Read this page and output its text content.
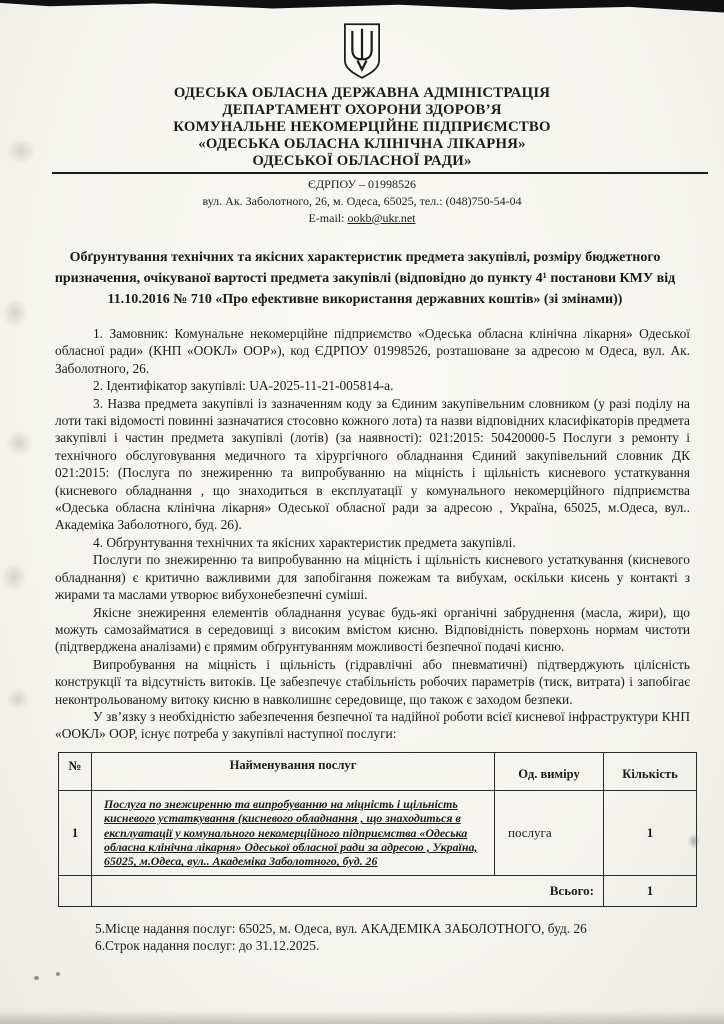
ОДЕСЬКА ОБЛАСНА ДЕРЖАВНА АДМІНІСТРАЦІЯ
ДЕПАРТАМЕНТ ОХОРОНИ ЗДОРОВ’Я
КОМУНАЛЬНЕ НЕКОМЕРЦІЙНЕ ПІДПРИЄМСТВО
«ОДЕСЬКА ОБЛАСНА КЛІНІЧНА ЛІКАРНЯ»
ОДЕСЬКОЇ ОБЛАСНОЇ РАДИ»
ЄДРПОУ – 01998526
вул. Ак. Заболотного, 26, м. Одеса, 65025, тел.: (048)750-54-04
E-mail: ookb@ukr.net
Обґрунтування технічних та якісних характеристик предмета закупівлі, розміру бюджетного призначення, очікуваної вартості предмета закупівлі (відповідно до пункту 4¹ постанови КМУ від 11.10.2016 № 710 «Про ефективне використання державних коштів» (зі змінами))

1. Замовник: Комунальне некомерційне підприємство «Одеська обласна клінічна лікарня» Одеської обласної ради» (КНП «ООКЛ» ООР»), код ЄДРПОУ 01998526, розташоване за адресою м Одеса, вул. Ак. Заболотного, 26.

2. Ідентифікатор закупівлі: UA-2025-11-21-005814-a.

3. Назва предмета закупівлі із зазначенням коду за Єдиним закупівельним словником (у разі поділу на лоти такі відомості повинні зазначатися стосовно кожного лота) та назви відповідних класифікаторів предмета закупівлі і частин предмета закупівлі (лотів) (за наявності): 021:2015: 50420000-5 Послуги з ремонту і технічного обслуговування медичного та хірургічного обладнання Єдиний закупівельний словник ДК 021:2015: (Послуга по знежиренню та випробуванню на міцність і щільність кисневого устаткування (кисневого обладнання , що знаходиться в експлуатації у комунального некомерційного підприємства «Одеська обласна клінічна лікарня» Одеської обласної ради за адресою , Україна, 65025, м.Одеса, вул.. Академіка Заболотного, буд. 26).

4. Обґрунтування технічних та якісних характеристик предмета закупівлі.

Послуги по знежиренню та випробуванню на міцність і щільність кисневого устаткування (кисневого обладнання) є критично важливими для запобігання пожежам та вибухам, оскільки кисень у контакті з жирами та маслами утворює вибухонебезпечні суміші.

Якісне знежирення елементів обладнання усуває будь-які органічні забруднення (масла, жири), що можуть самозайматися в середовищі з високим вмістом кисню. Відповідність поверхонь нормам чистоти (підтверджена аналізами) є прямим обґрунтуванням можливості безпечної подачі кисню.

Випробування на міцність і щільність (гідравлічні або пневматичні) підтверджують цілісність конструкції та відсутність витоків. Це забезпечує стабільність робочих параметрів (тиск, витрата) і запобігає неконтрольованому витоку кисню в навколишнє середовище, що також є заходом безпеки.

У зв’язку з необхідністю забезпечення безпечної та надійної роботи всієї кисневої інфраструктури КНП «ООКЛ» ООР, існує потреба у закупівлі наступної послуги:

№	Найменування послуг	Од. виміру	Кількість
1	Послуга по знежиренню та випробуванню на міцність і щільність кисневого устаткування (кисневого обладнання , що знаходиться в експлуатації у комунального некомерційного підприємства «Одеська обласна клінічна лікарня» Одеської обласної ради за адресою , Україна, 65025, м.Одеса, вул.. Академіка Заболотного, буд. 26	послуга	1
	Всього:		1
5.Місце надання послуг: 65025, м. Одеса, вул. АКАДЕМІКА ЗАБОЛОТНОГО, буд. 26
6.Строк надання послуг: до 31.12.2025.
